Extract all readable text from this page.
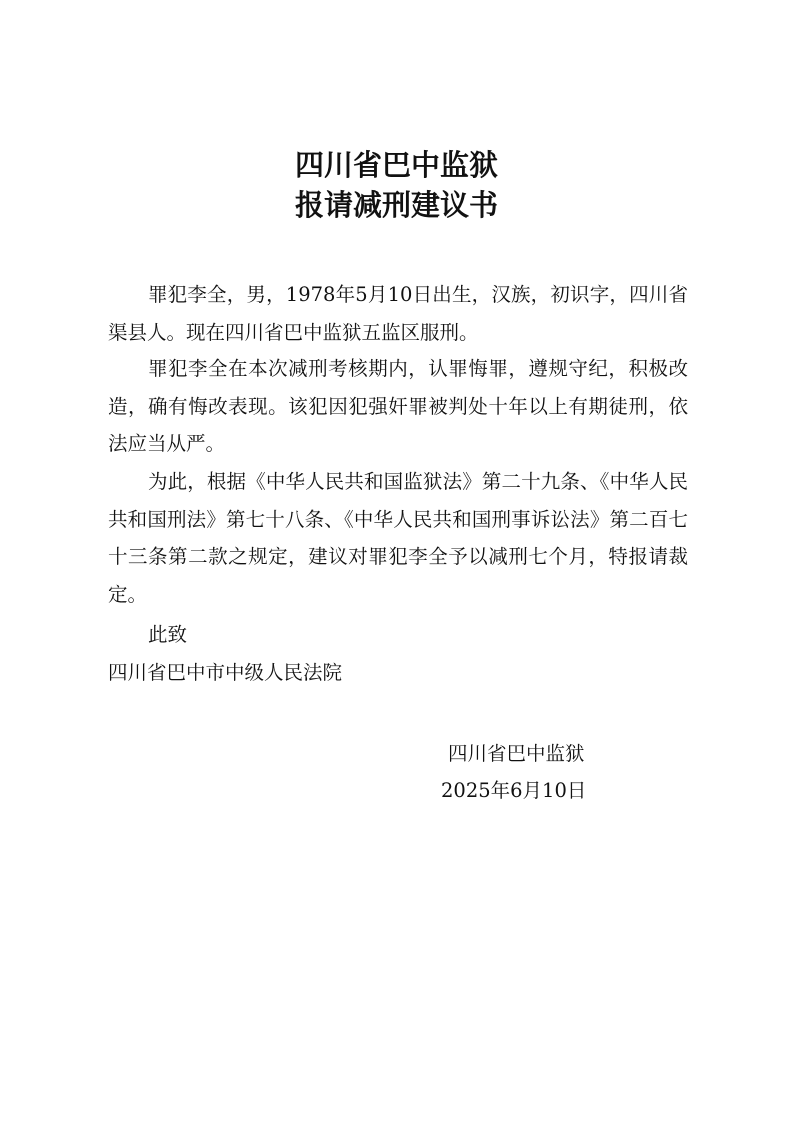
四川省巴中监狱
报请减刑建议书
罪犯李全，男，1978年5月10日出生，汉族，初识字，四川省渠县人。现在四川省巴中监狱五监区服刑。
罪犯李全在本次减刑考核期内，认罪悔罪，遵规守纪，积极改造，确有悔改表现。该犯因犯强奸罪被判处十年以上有期徒刑，依法应当从严。
为此，根据《中华人民共和国监狱法》第二十九条、《中华人民共和国刑法》第七十八条、《中华人民共和国刑事诉讼法》第二百七十三条第二款之规定，建议对罪犯李全予以减刑七个月，特报请裁定。
此致
四川省巴中市中级人民法院
四川省巴中监狱
2025年6月10日
